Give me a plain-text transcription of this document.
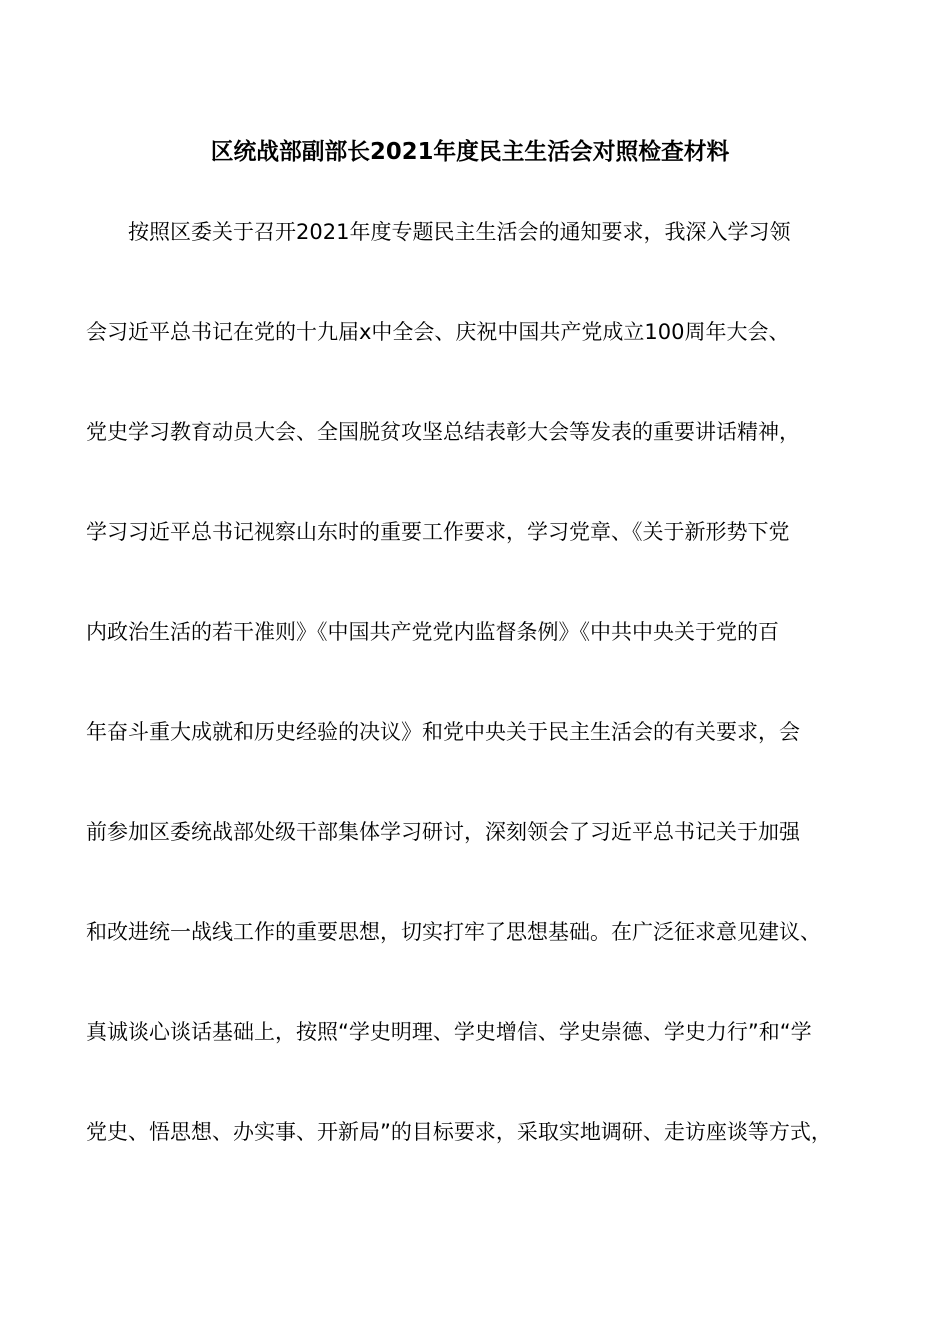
区统战部副部长2021年度民主生活会对照检查材料
按照区委关于召开2021年度专题民主生活会的通知要求，我深入学习领
会习近平总书记在党的十九届x中全会、庆祝中国共产党成立100周年大会、
党史学习教育动员大会、全国脱贫攻坚总结表彰大会等发表的重要讲话精神，
学习习近平总书记视察山东时的重要工作要求，学习党章、《关于新形势下党
内政治生活的若干准则》《中国共产党党内监督条例》《中共中央关于党的百
年奋斗重大成就和历史经验的决议》和党中央关于民主生活会的有关要求，会
前参加区委统战部处级干部集体学习研讨，深刻领会了习近平总书记关于加强
和改进统一战线工作的重要思想，切实打牢了思想基础。在广泛征求意见建议、
真诚谈心谈话基础上，按照“学史明理、学史增信、学史崇德、学史力行”和“学
党史、悟思想、办实事、开新局”的目标要求，采取实地调研、走访座谈等方式，
